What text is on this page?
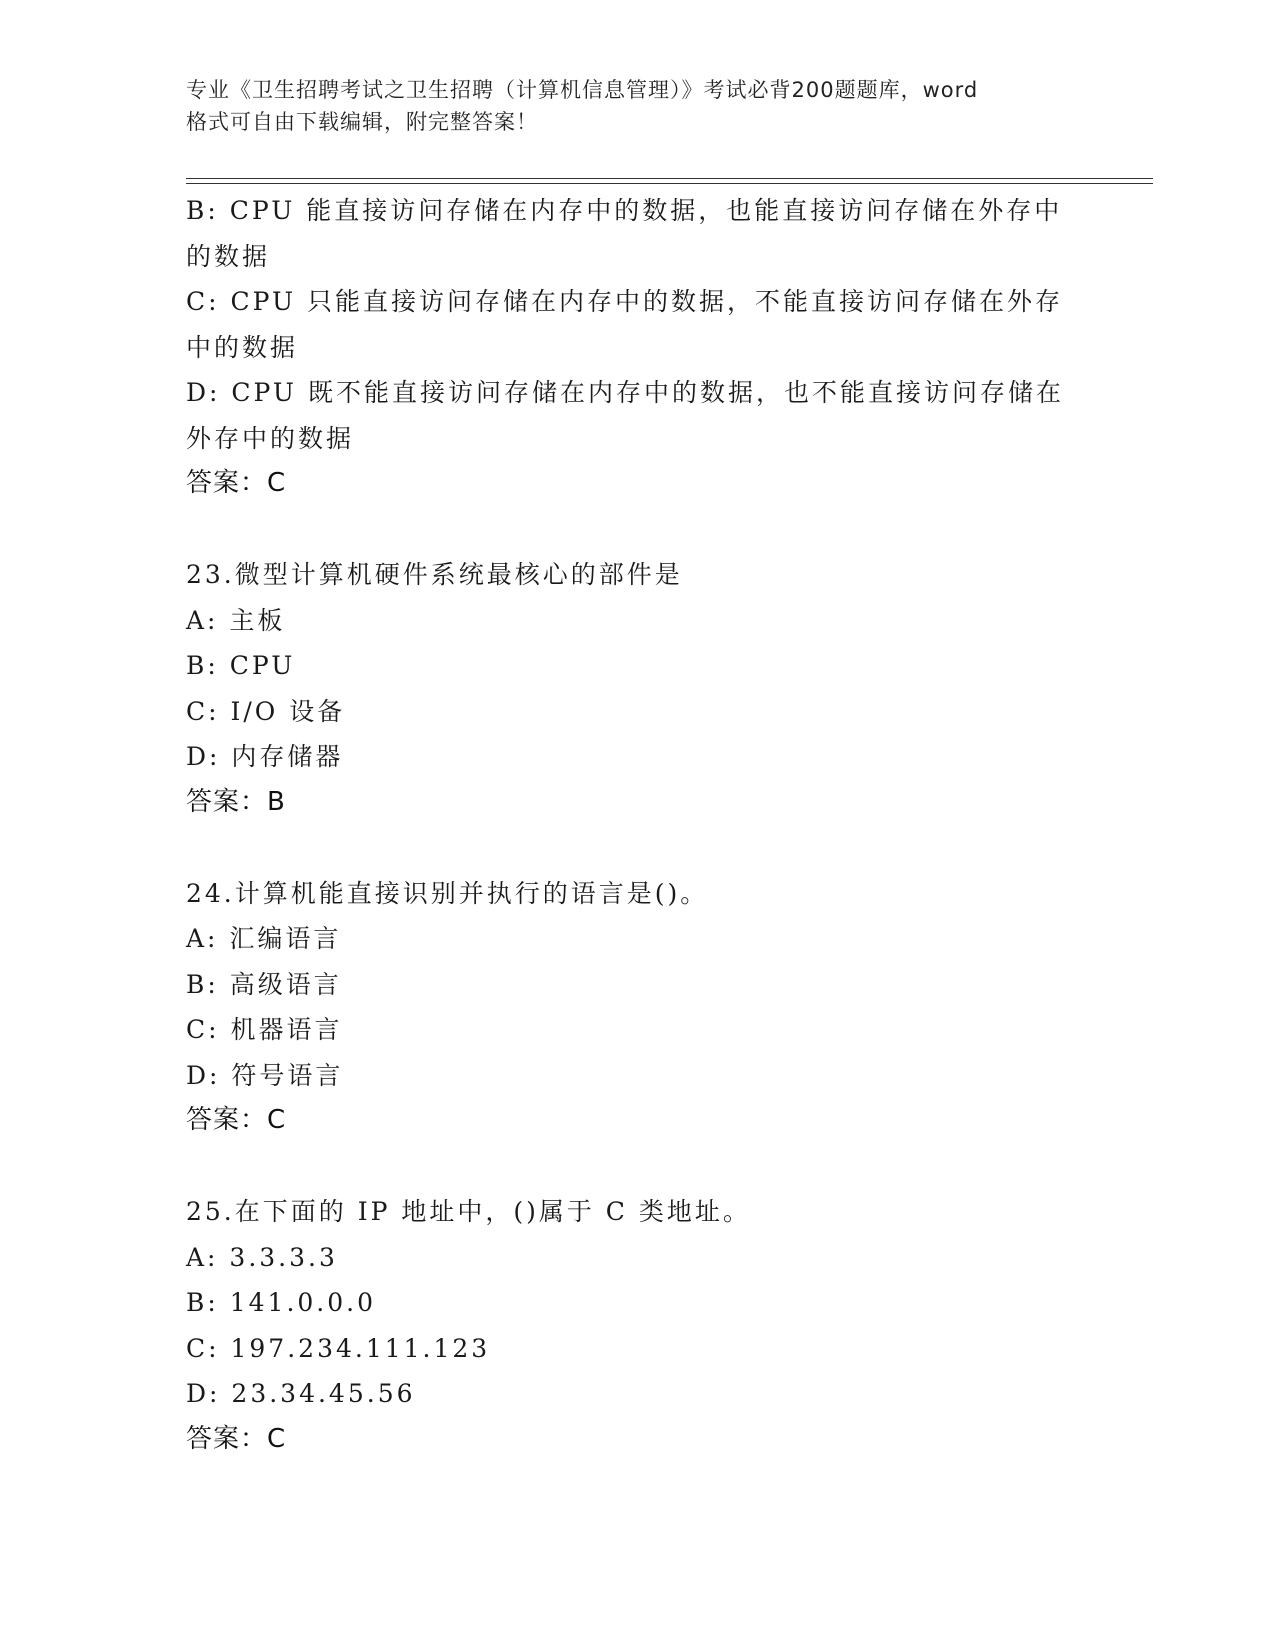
专业《卫生招聘考试之卫生招聘（计算机信息管理）》考试必背200题题库，word
格式可自由下载编辑，附完整答案！
B: CPU 能直接访问存储在内存中的数据，也能直接访问存储在外存中
的数据
C: CPU 只能直接访问存储在内存中的数据，不能直接访问存储在外存
中的数据
D: CPU 既不能直接访问存储在内存中的数据，也不能直接访问存储在
外存中的数据
答案：C
23.微型计算机硬件系统最核心的部件是
A: 主板
B: CPU
C: I/O 设备
D: 内存储器
答案：B
24.计算机能直接识别并执行的语言是()。
A: 汇编语言
B: 高级语言
C: 机器语言
D: 符号语言
答案：C
25.在下面的 IP 地址中，()属于 C 类地址。
A: 3.3.3.3
B: 141.0.0.0
C: 197.234.111.123
D: 23.34.45.56
答案：C
